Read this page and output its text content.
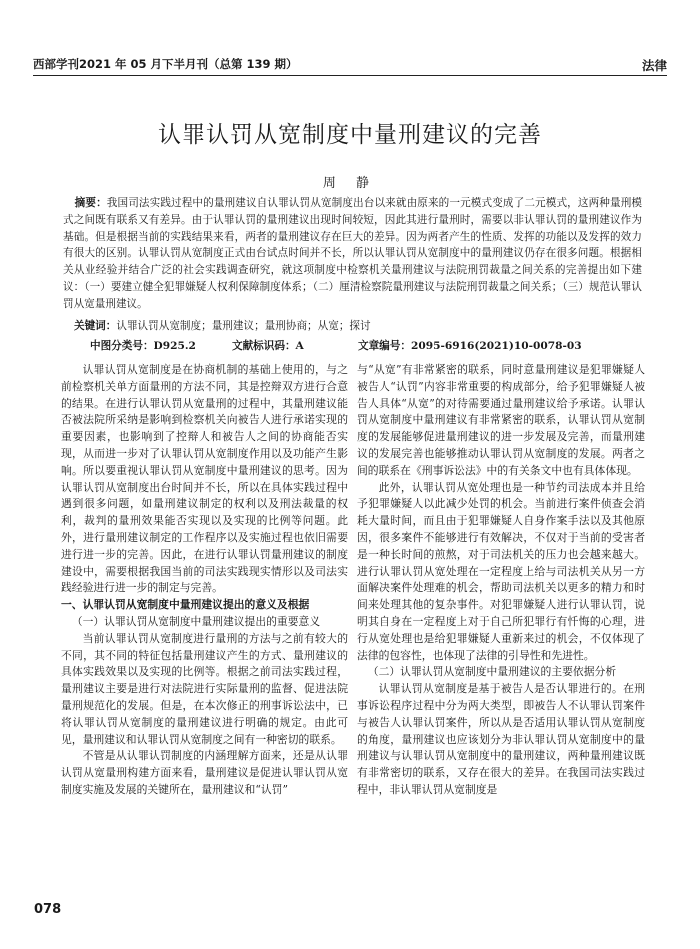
西部学刊2021 年 05 月下半月刊（总第 139 期）	法律
认罪认罚从宽制度中量刑建议的完善
周 静

摘要：我国司法实践过程中的量刑建议自认罪认罚从宽制度出台以来就由原来的一元模式变成了二元模式，这两种量刑模式之间既有联系又有差异。由于认罪认罚的量刑建议出现时间较短，因此其进行量刑时，需要以非认罪认罚的量刑建议作为基础。但是根据当前的实践结果来看，两者的量刑建议存在巨大的差异。因为两者产生的性质、发挥的功能以及发挥的效力有很大的区别。认罪认罚从宽制度正式由台试点时间并不长，所以认罪认罚从宽制度中的量刑建议仍存在很多问题。根据相关从业经验并结合广泛的社会实践调查研究，就这项制度中检察机关量刑建议与法院刑罚裁量之间关系的完善提出如下建议：（一）要建立健全犯罪嫌疑人权利保障制度体系；（二）厘清检察院量刑建议与法院刑罚裁量之间关系；（三）规范认罪认罚从宽量刑建议。

关键词：认罪认罚从宽制度；量刑建议；量刑协商；从宽；探讨
中图分类号：D925.2	文献标识码：A	文章编号：2095-6916(2021)10-0078-03

认罪认罚从宽制度是在协商机制的基础上使用的，与之前检察机关单方面量刑的方法不同，其是控辩双方进行合意的结果。在进行认罪认罚从宽量刑的过程中，其量刑建议能否被法院所采纳是影响到检察机关向被告人进行承诺实现的重要因素，也影响到了控辩人和被告人之间的协商能否实现，从而进一步对了认罪认罚从宽制度作用以及功能产生影响。所以要重视认罪认罚从宽制度中量刑建议的思考。因为认罪认罚从宽制度出台时间并不长，所以在具体实践过程中遇到很多问题，如量刑建议制定的权利以及刑法裁量的权利，裁判的量刑效果能否实现以及实现的比例等问题。此外，进行量刑建议制定的工作程序以及实施过程也依旧需要进行进一步的完善。因此，在进行认罪认罚量刑建议的制度建设中，需要根据我国当前的司法实践现实情形以及司法实践经验进行进一步的制定与完善。

一、认罪认罚从宽制度中量刑建议提出的意义及根据
（一）认罪认罚从宽制度中量刑建议提出的重要意义

当前认罪认罚从宽制度进行量刑的方法与之前有较大的不同，其不同的特征包括量刑建议产生的方式、量刑建议的具体实践效果以及实现的比例等。根据之前司法实践过程，量刑建议主要是进行对法院进行实际量刑的监督、促进法院量刑规范化的发展。但是，在本次修正的刑事诉讼法中，已将认罪认罚从宽制度的量刑建议进行明确的规定。由此可见，量刑建议和认罪认罚从宽制度之间有一种密切的联系。

不管是从认罪认罚制度的内涵理解方面来，还是从认罪认罚从宽量刑构建方面来看，量刑建议是促进认罪认罚从宽制度实施及发展的关键所在，量刑建议和“认罚”

与“从宽”有非常紧密的联系，同时意量刑建议是犯罪嫌疑人被告人“认罚”内容非常重要的构成部分，给予犯罪嫌疑人被告人具体“从宽”的对待需要通过量刑建议给予承诺。认罪认罚从宽制度中量刑建议有非常紧密的联系，认罪认罚从宽制度的发展能够促进量刑建议的进一步发展及完善，而量刑建议的发展完善也能够推动认罪认罚从宽制度的发展。两者之间的联系在《刑事诉讼法》中的有关条文中也有具体体现。

此外，认罪认罚从宽处理也是一种节约司法成本并且给予犯罪嫌疑人以此减少处罚的机会。当前进行案件侦查会消耗大量时间，而且由于犯罪嫌疑人自身作案手法以及其他原因，很多案件不能够进行有效解决，不仅对于当前的受害者是一种长时间的煎熬，对于司法机关的压力也会越来越大。进行认罪认罚从宽处理在一定程度上给与司法机关从另一方面解决案件处理难的机会，帮助司法机关以更多的精力和时间来处理其他的复杂事件。对犯罪嫌疑人进行认罪认罚，说明其自身在一定程度上对于自己所犯罪行有忏悔的心理，进行从宽处理也是给犯罪嫌疑人重新来过的机会，不仅体现了法律的包容性，也体现了法律的引导性和先进性。

（二）认罪认罚从宽制度中量刑建议的主要依据分析

认罪认罚从宽制度是基于被告人是否认罪进行的。在刑事诉讼程序过程中分为两大类型，即被告人不认罪认罚案件与被告人认罪认罚案件，所以从是否适用认罪认罚从宽制度的角度，量刑建议也应该划分为非认罪认罚从宽制度中的量刑建议与认罪认罚从宽制度中的量刑建议，两种量刑建议既有非常密切的联系，又存在很大的差异。在我国司法实践过程中，非认罪认罚从宽制度是

078
